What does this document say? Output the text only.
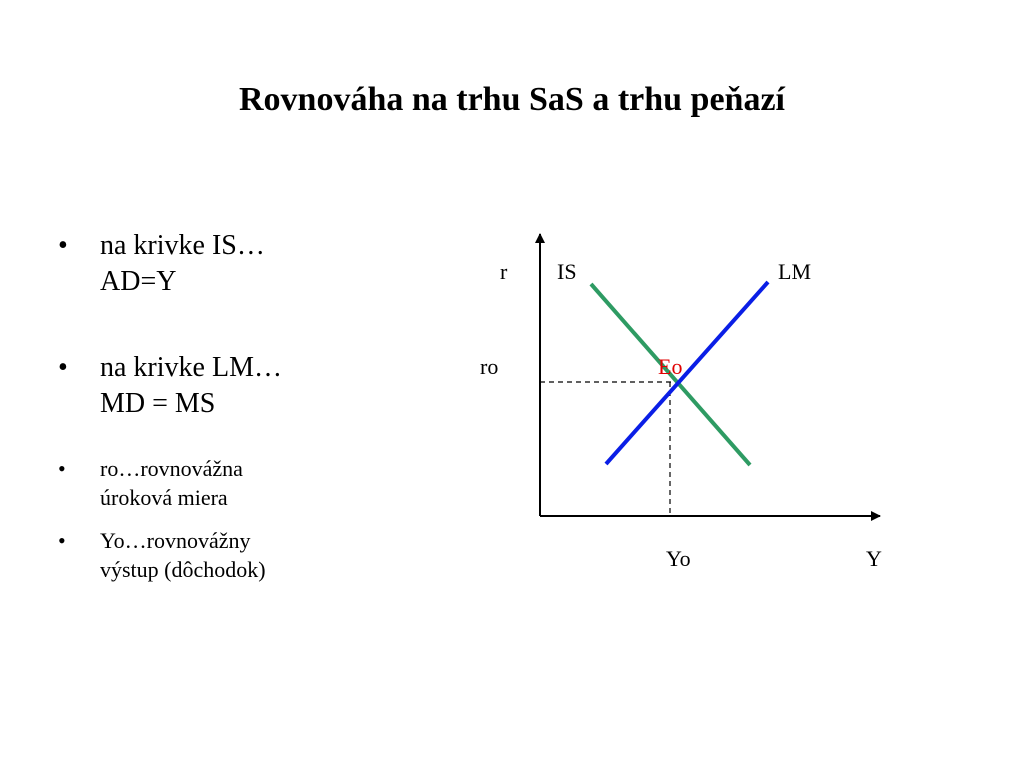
Rovnováha na trhu SaS a trhu peňazí
• na krivke IS…
AD=Y
• na krivke LM…
MD = MS
• ro…rovnovážna
úroková miera
• Yo…rovnovážny
výstup (dôchodok)
r IS	LM
Eo
ro
Yo	Y
